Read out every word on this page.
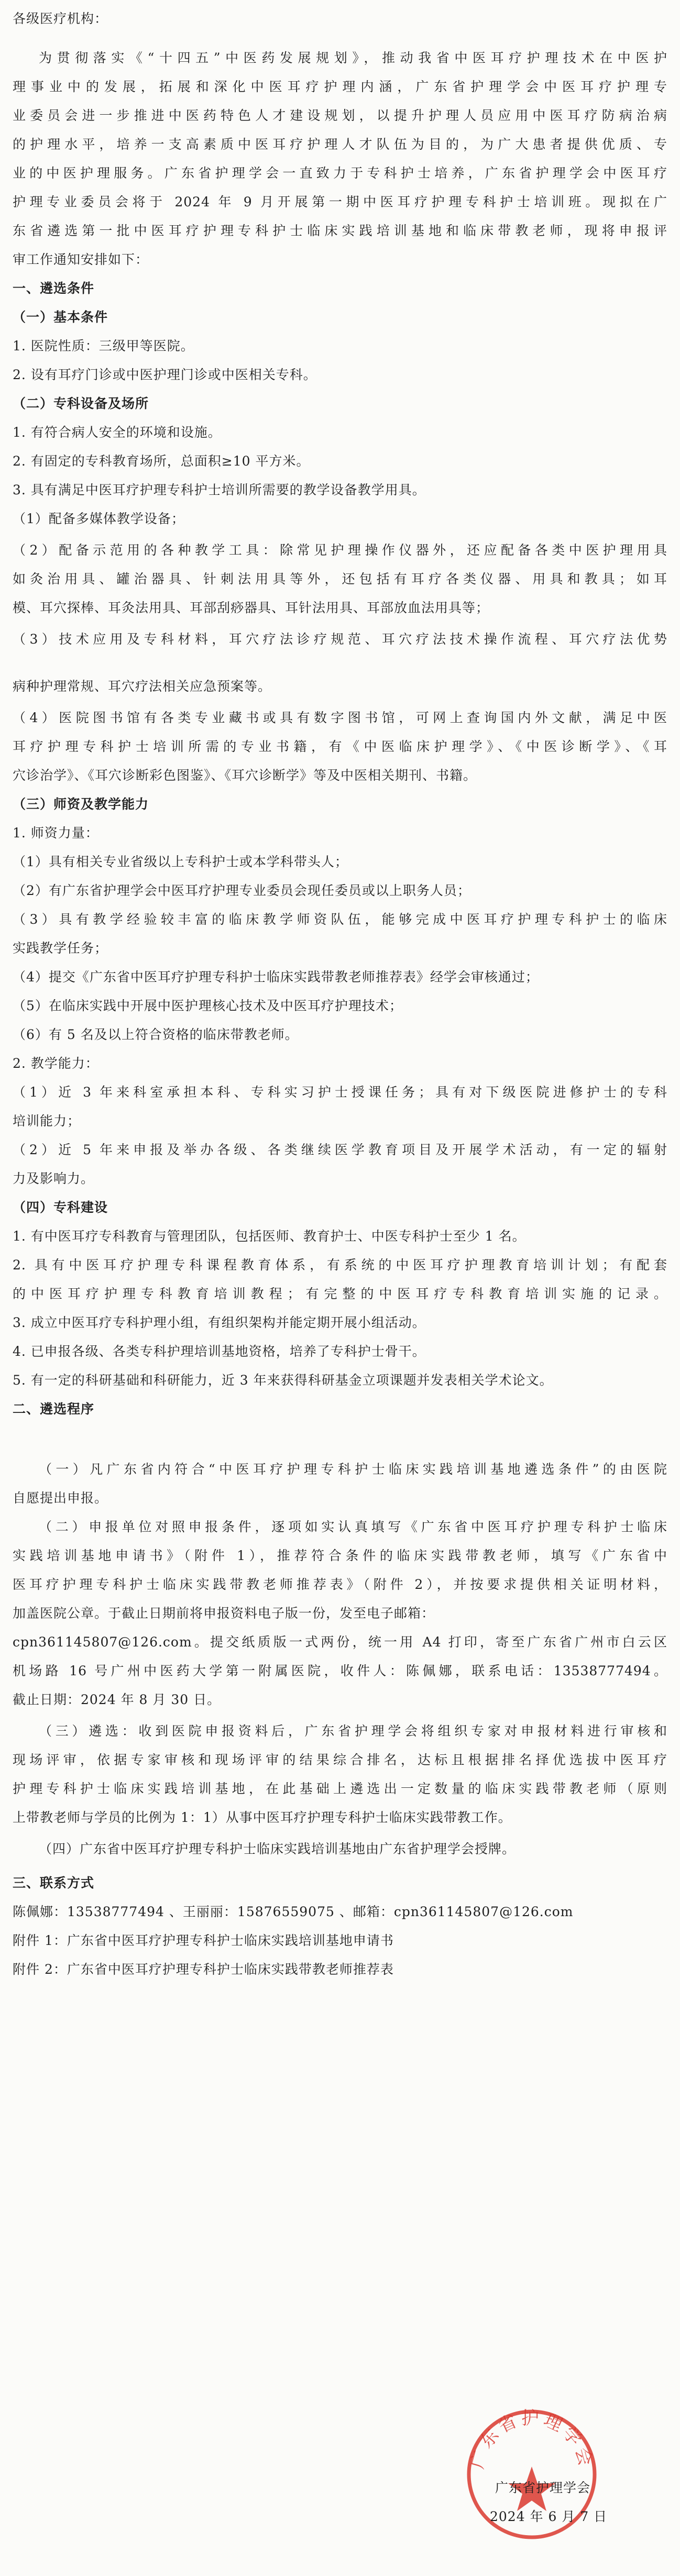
各级医疗机构：
为贯彻落实《“十四五”中医药发展规划》，推动我省中医耳疗护理技术在中医护
理事业中的发展，拓展和深化中医耳疗护理内涵，广东省护理学会中医耳疗护理专
业委员会进一步推进中医药特色人才建设规划，以提升护理人员应用中医耳疗防病治病
的护理水平，培养一支高素质中医耳疗护理人才队伍为目的，为广大患者提供优质、专
业的中医护理服务。广东省护理学会一直致力于专科护士培养，广东省护理学会中医耳疗
护理专业委员会将于 2024 年 9 月开展第一期中医耳疗护理专科护士培训班。现拟在广
东省遴选第一批中医耳疗护理专科护士临床实践培训基地和临床带教老师，现将申报评
审工作通知安排如下：
一、遴选条件
（一）基本条件
1. 医院性质：三级甲等医院。
2. 设有耳疗门诊或中医护理门诊或中医相关专科。
（二）专科设备及场所
1. 有符合病人安全的环境和设施。
2. 有固定的专科教育场所，总面积≥10 平方米。
3. 具有满足中医耳疗护理专科护士培训所需要的教学设备教学用具。
（1）配备多媒体教学设备；
（2）配备示范用的各种教学工具：除常见护理操作仪器外，还应配备各类中医护理用具
如灸治用具、罐治器具、针刺法用具等外，还包括有耳疗各类仪器、用具和教具；如耳
模、耳穴探棒、耳灸法用具、耳部刮痧器具、耳针法用具、耳部放血法用具等；
（3）技术应用及专科材料，耳穴疗法诊疗规范、耳穴疗法技术操作流程、耳穴疗法优势
病种护理常规、耳穴疗法相关应急预案等。
（4）医院图书馆有各类专业藏书或具有数字图书馆，可网上查询国内外文献，满足中医
耳疗护理专科护士培训所需的专业书籍，有《中医临床护理学》、《中医诊断学》、《耳
穴诊治学》、《耳穴诊断彩色图鉴》、《耳穴诊断学》等及中医相关期刊、书籍。
（三）师资及教学能力
1. 师资力量：
（1）具有相关专业省级以上专科护士或本学科带头人；
（2）有广东省护理学会中医耳疗护理专业委员会现任委员或以上职务人员；
（3）具有教学经验较丰富的临床教学师资队伍，能够完成中医耳疗护理专科护士的临床
实践教学任务；
（4）提交《广东省中医耳疗护理专科护士临床实践带教老师推荐表》经学会审核通过；
（5）在临床实践中开展中医护理核心技术及中医耳疗护理技术；
（6）有 5 名及以上符合资格的临床带教老师。
2. 教学能力：
（1）近 3 年来科室承担本科、专科实习护士授课任务；具有对下级医院进修护士的专科
培训能力；
（2）近 5 年来申报及举办各级、各类继续医学教育项目及开展学术活动，有一定的辐射
力及影响力。
（四）专科建设
1. 有中医耳疗专科教育与管理团队，包括医师、教育护士、中医专科护士至少 1 名。
2. 具有中医耳疗护理专科课程教育体系，有系统的中医耳疗护理教育培训计划；有配套
的中医耳疗护理专科教育培训教程；有完整的中医耳疗专科教育培训实施的记录。
3. 成立中医耳疗专科护理小组，有组织架构并能定期开展小组活动。
4. 已申报各级、各类专科护理培训基地资格，培养了专科护士骨干。
5. 有一定的科研基础和科研能力，近 3 年来获得科研基金立项课题并发表相关学术论文。
二、遴选程序
（一）凡广东省内符合“中医耳疗护理专科护士临床实践培训基地遴选条件”的由医院
自愿提出申报。
（二）申报单位对照申报条件，逐项如实认真填写《广东省中医耳疗护理专科护士临床
实践培训基地申请书》（附件 1），推荐符合条件的临床实践带教老师，填写《广东省中
医耳疗护理专科护士临床实践带教老师推荐表》（附件 2），并按要求提供相关证明材料，
加盖医院公章。于截止日期前将申报资料电子版一份，发至电子邮箱：
cpn361145807@126.com。提交纸质版一式两份，统一用 A4 打印，寄至广东省广州市白云区
机场路 16 号广州中医药大学第一附属医院，收件人：陈佩娜，联系电话：13538777494。
截止日期：2024 年 8 月 30 日。
（三）遴选：收到医院申报资料后，广东省护理学会将组织专家对申报材料进行审核和
现场评审，依据专家审核和现场评审的结果综合排名，达标且根据排名择优选拔中医耳疗
护理专科护士临床实践培训基地，在此基础上遴选出一定数量的临床实践带教老师（原则
上带教老师与学员的比例为 1：1）从事中医耳疗护理专科护士临床实践带教工作。
（四）广东省中医耳疗护理专科护士临床实践培训基地由广东省护理学会授牌。
三、联系方式
陈佩娜：13538777494 、王丽丽：15876559075 、邮箱：cpn361145807@126.com
附件 1：广东省中医耳疗护理专科护士临床实践培训基地申请书
附件 2：广东省中医耳疗护理专科护士临床实践带教老师推荐表
广东省护理学会
广东省护理学会
2024 年 6 月 7 日
